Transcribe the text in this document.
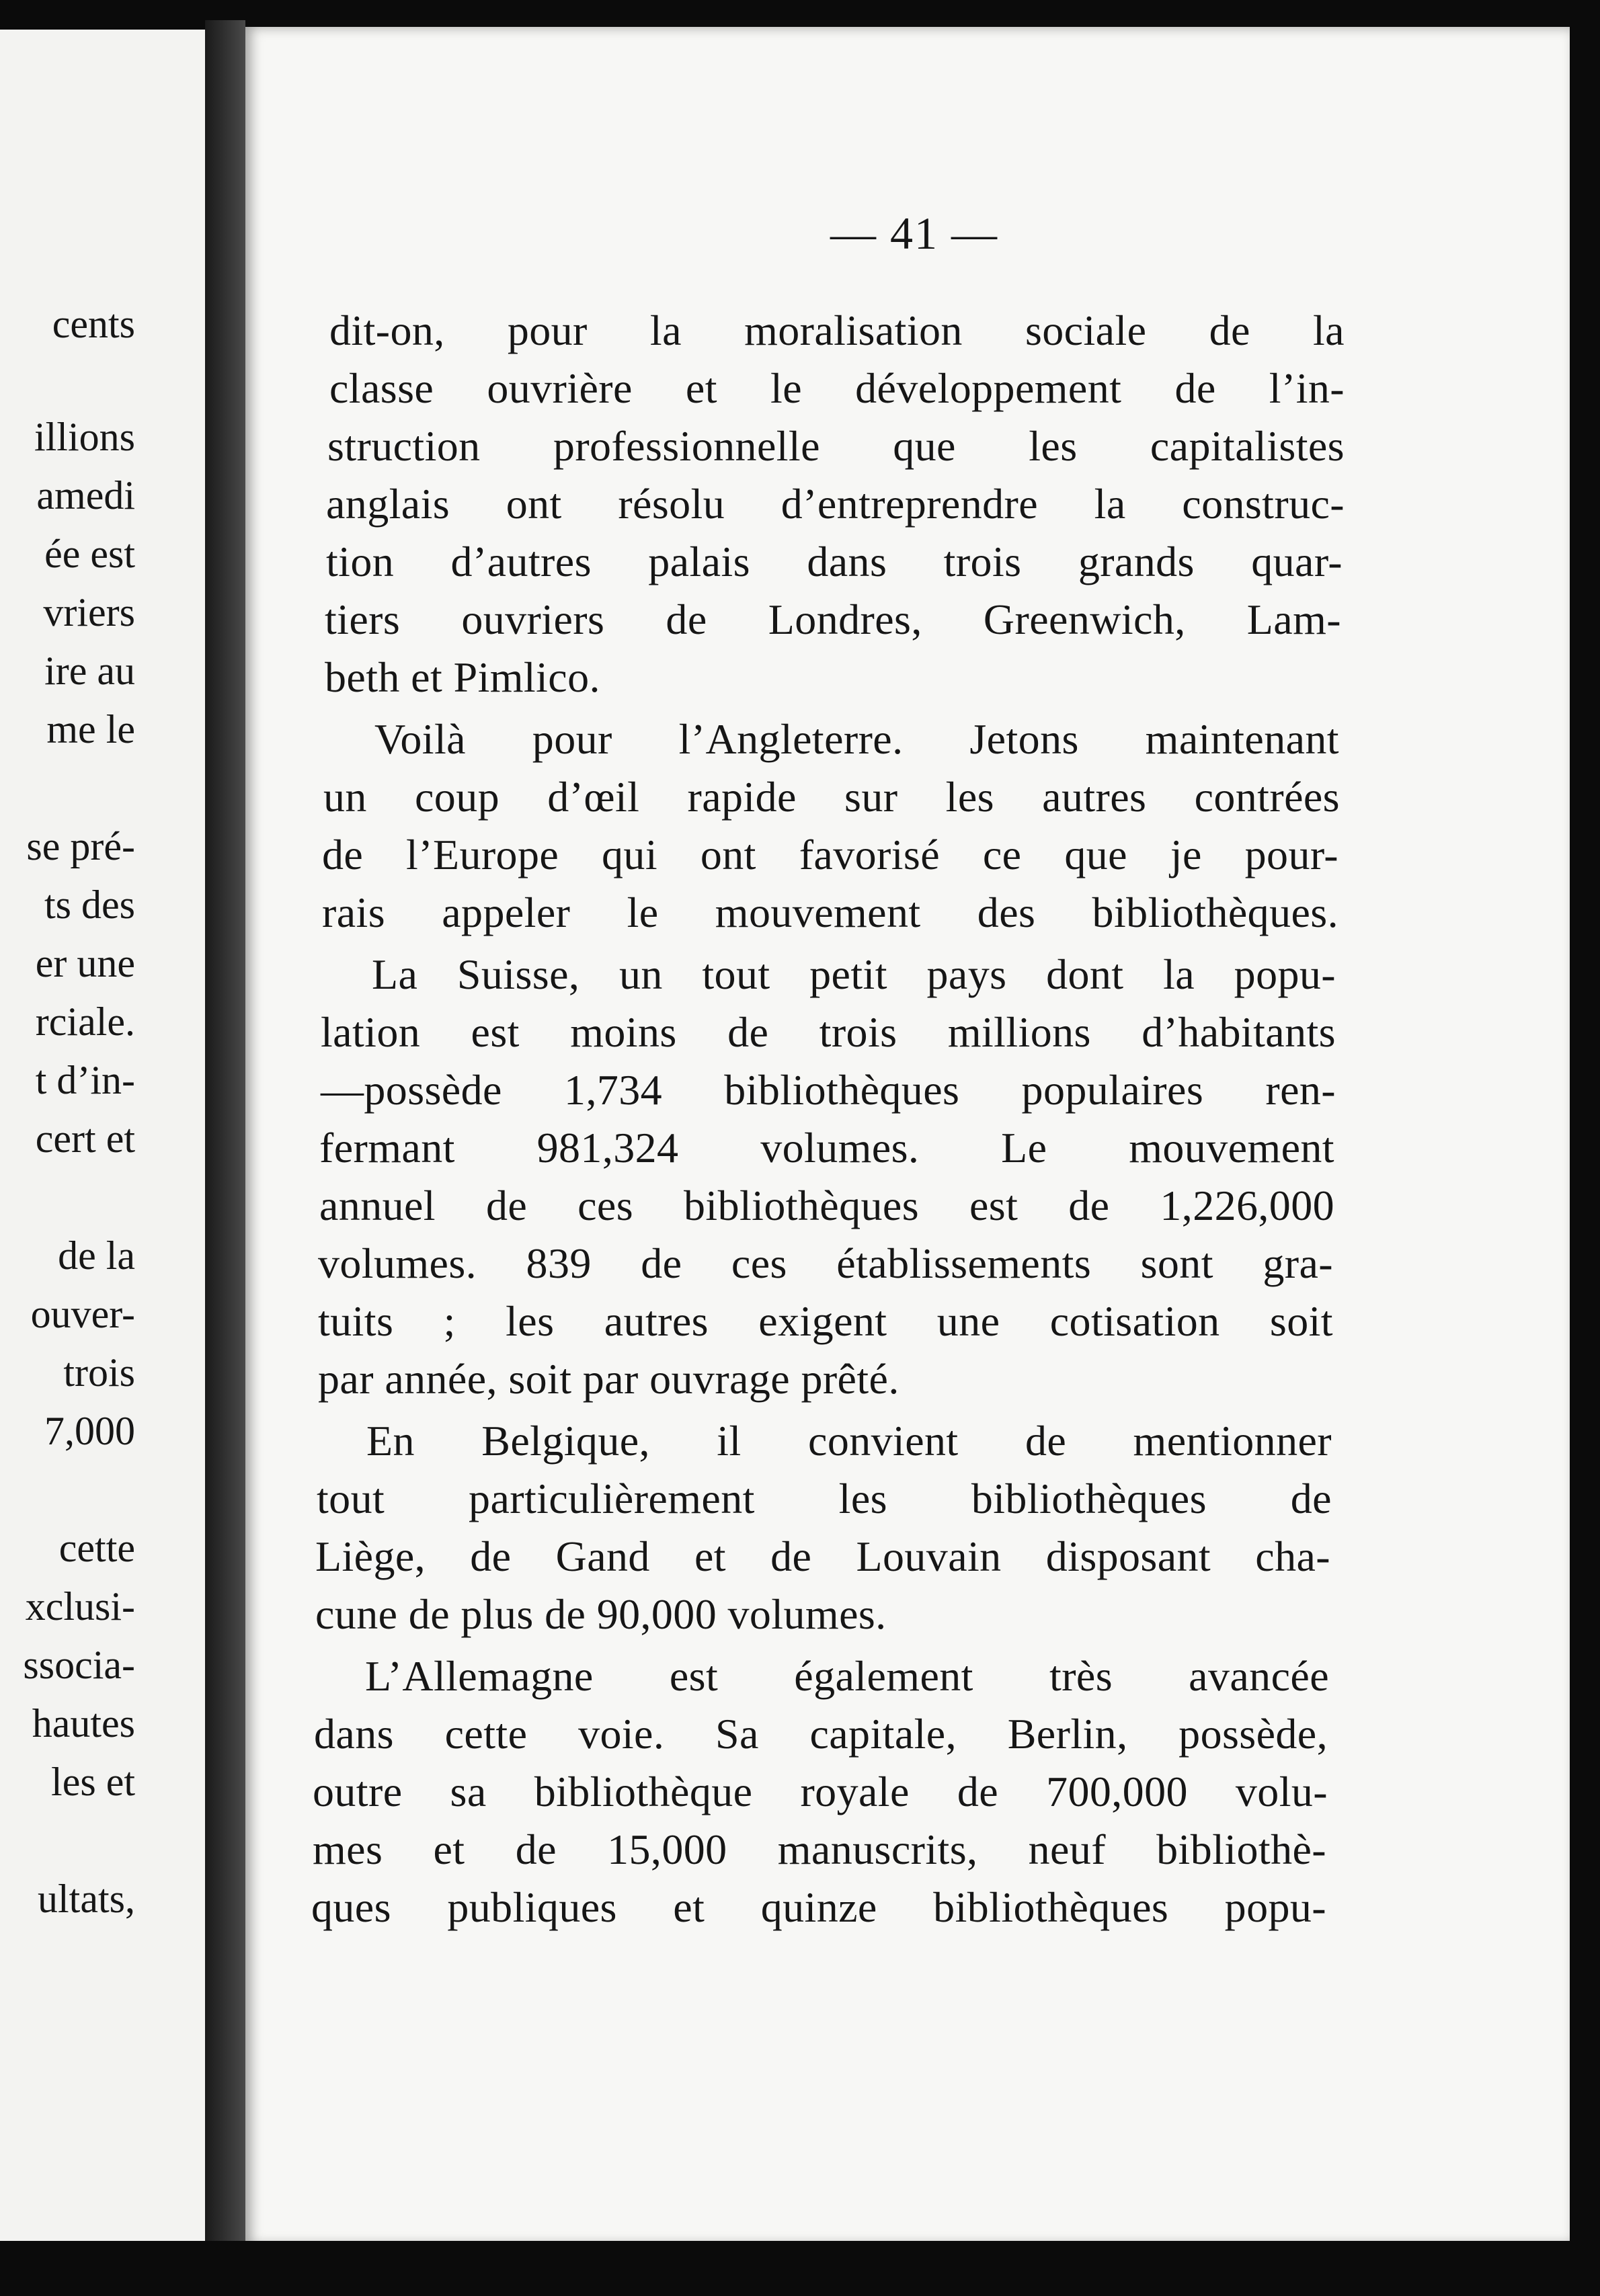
cents
illions
amedi
ée est
vriers
ire au
me le
se pré-
ts des
er une
rciale.
t d’in-
cert et
de la
ouver-
trois
7,000
cette
xclusi-
ssocia-
hautes
les et
ultats,
— 41 —
dit-on, pour la moralisation sociale de la
classe ouvrière et le développement de l’in-
struction professionnelle que les capitalistes
anglais ont résolu d’entreprendre la construc-
tion d’autres palais dans trois grands quar-
tiers ouvriers de Londres, Greenwich, Lam-
beth et Pimlico.
Voilà pour l’Angleterre. Jetons maintenant
un coup d’œil rapide sur les autres contrées
de l’Europe qui ont favorisé ce que je pour-
rais appeler le mouvement des bibliothèques.
La Suisse, un tout petit pays dont la popu-
lation est moins de trois millions d’habitants
—possède 1,734 bibliothèques populaires ren-
fermant 981,324 volumes. Le mouvement
annuel de ces bibliothèques est de 1,226,000
volumes. 839 de ces établissements sont gra-
tuits ; les autres exigent une cotisation soit
par année, soit par ouvrage prêté.
En Belgique, il convient de mentionner
tout particulièrement les bibliothèques de
Liège, de Gand et de Louvain disposant cha-
cune de plus de 90,000 volumes.
L’Allemagne est également très avancée
dans cette voie. Sa capitale, Berlin, possède,
outre sa bibliothèque royale de 700,000 volu-
mes et de 15,000 manuscrits, neuf bibliothè-
ques publiques et quinze bibliothèques popu-
